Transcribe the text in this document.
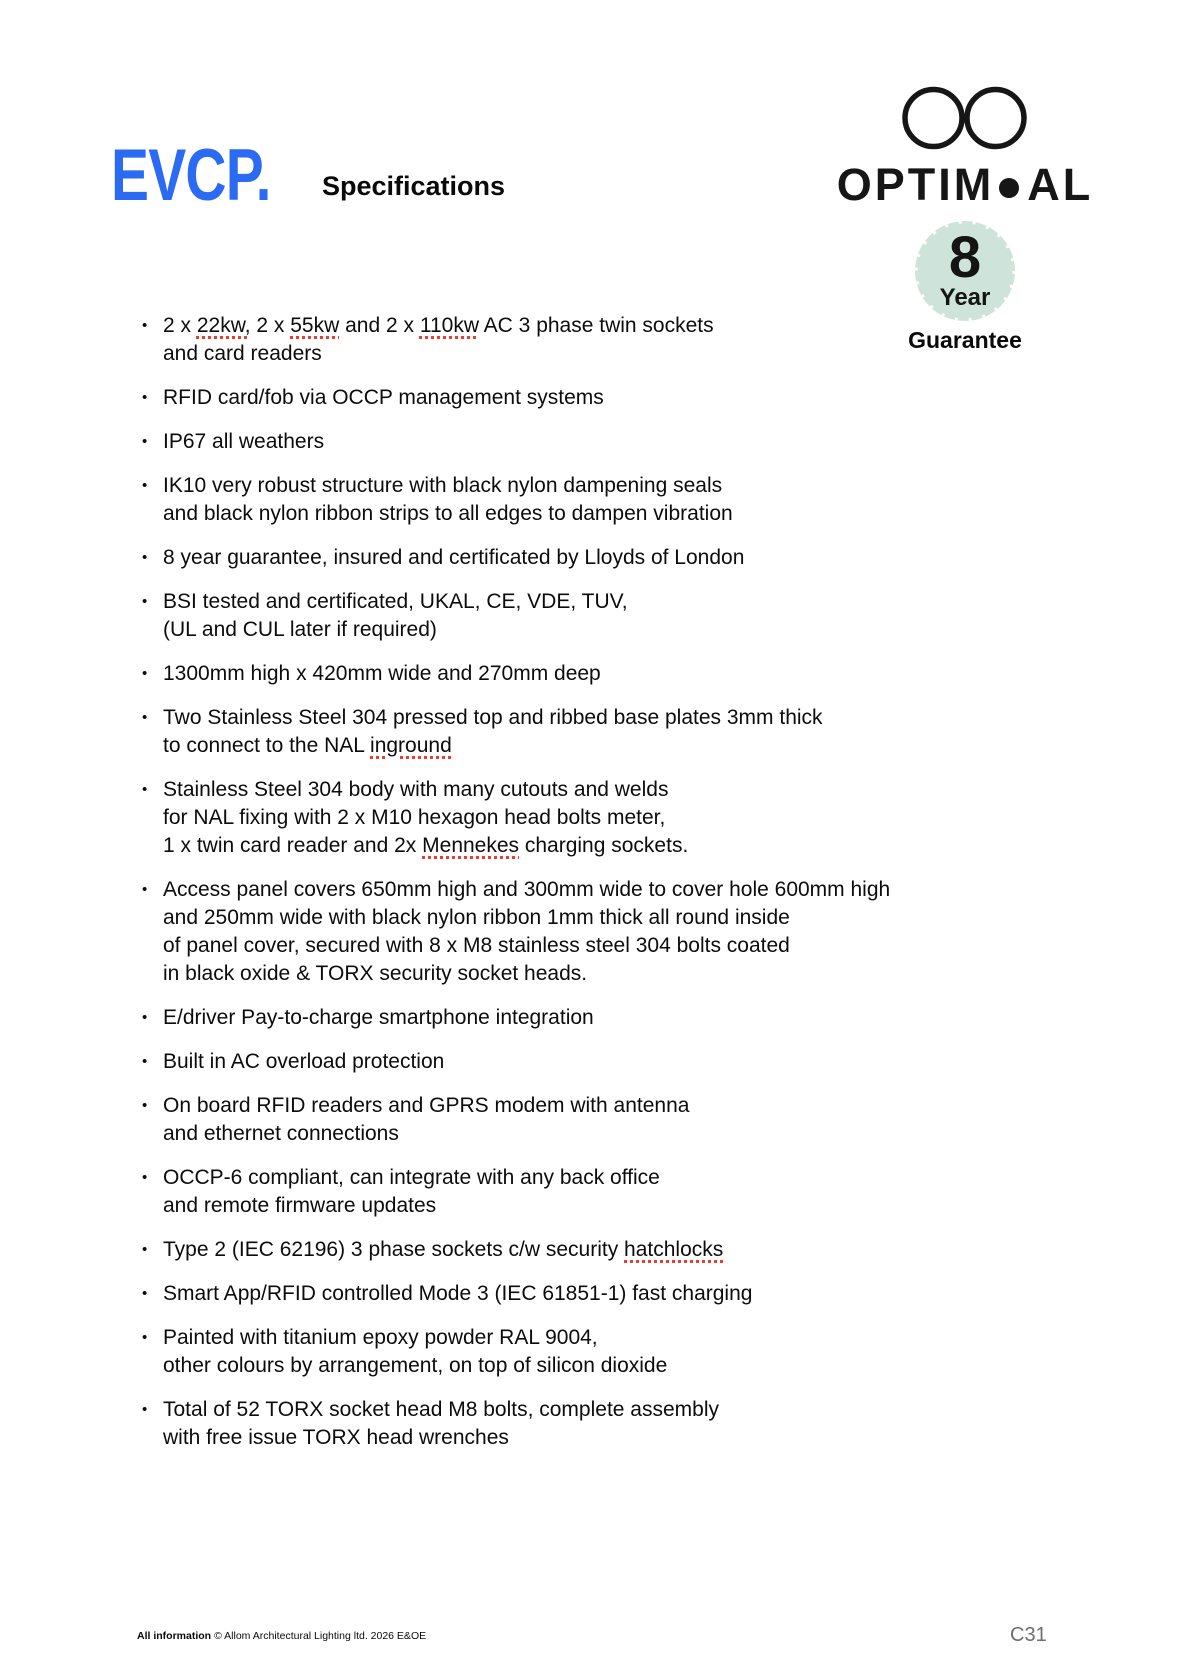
EVCP. Specifications	OPTIM AL
8
Year
Guarantee
• 2 x 22kw, 2 x 55kw and 2 x 110kw AC 3 phase twin sockets
and card readers
• RFID card/fob via OCCP management systems
• IP67 all weathers
• IK10 very robust structure with black nylon dampening seals
and black nylon ribbon strips to all edges to dampen vibration
• 8 year guarantee, insured and certificated by Lloyds of London
• BSI tested and certificated, UKAL, CE, VDE, TUV,
(UL and CUL later if required)
• 1300mm high x 420mm wide and 270mm deep
• Two Stainless Steel 304 pressed top and ribbed base plates 3mm thick
to connect to the NAL inground
• Stainless Steel 304 body with many cutouts and welds
for NAL fixing with 2 x M10 hexagon head bolts meter,
1 x twin card reader and 2x Mennekes charging sockets.
• Access panel covers 650mm high and 300mm wide to cover hole 600mm high
and 250mm wide with black nylon ribbon 1mm thick all round inside
of panel cover, secured with 8 x M8 stainless steel 304 bolts coated
in black oxide & TORX security socket heads.
• E/driver Pay-to-charge smartphone integration
• Built in AC overload protection
• On board RFID readers and GPRS modem with antenna
and ethernet connections
• OCCP-6 compliant, can integrate with any back office
and remote firmware updates
• Type 2 (IEC 62196) 3 phase sockets c/w security hatchlocks
• Smart App/RFID controlled Mode 3 (IEC 61851-1) fast charging
• Painted with titanium epoxy powder RAL 9004,
other colours by arrangement, on top of silicon dioxide
• Total of 52 TORX socket head M8 bolts, complete assembly
with free issue TORX head wrenches
All information © Allom Architectural Lighting ltd. 2026 E&OE	C31
